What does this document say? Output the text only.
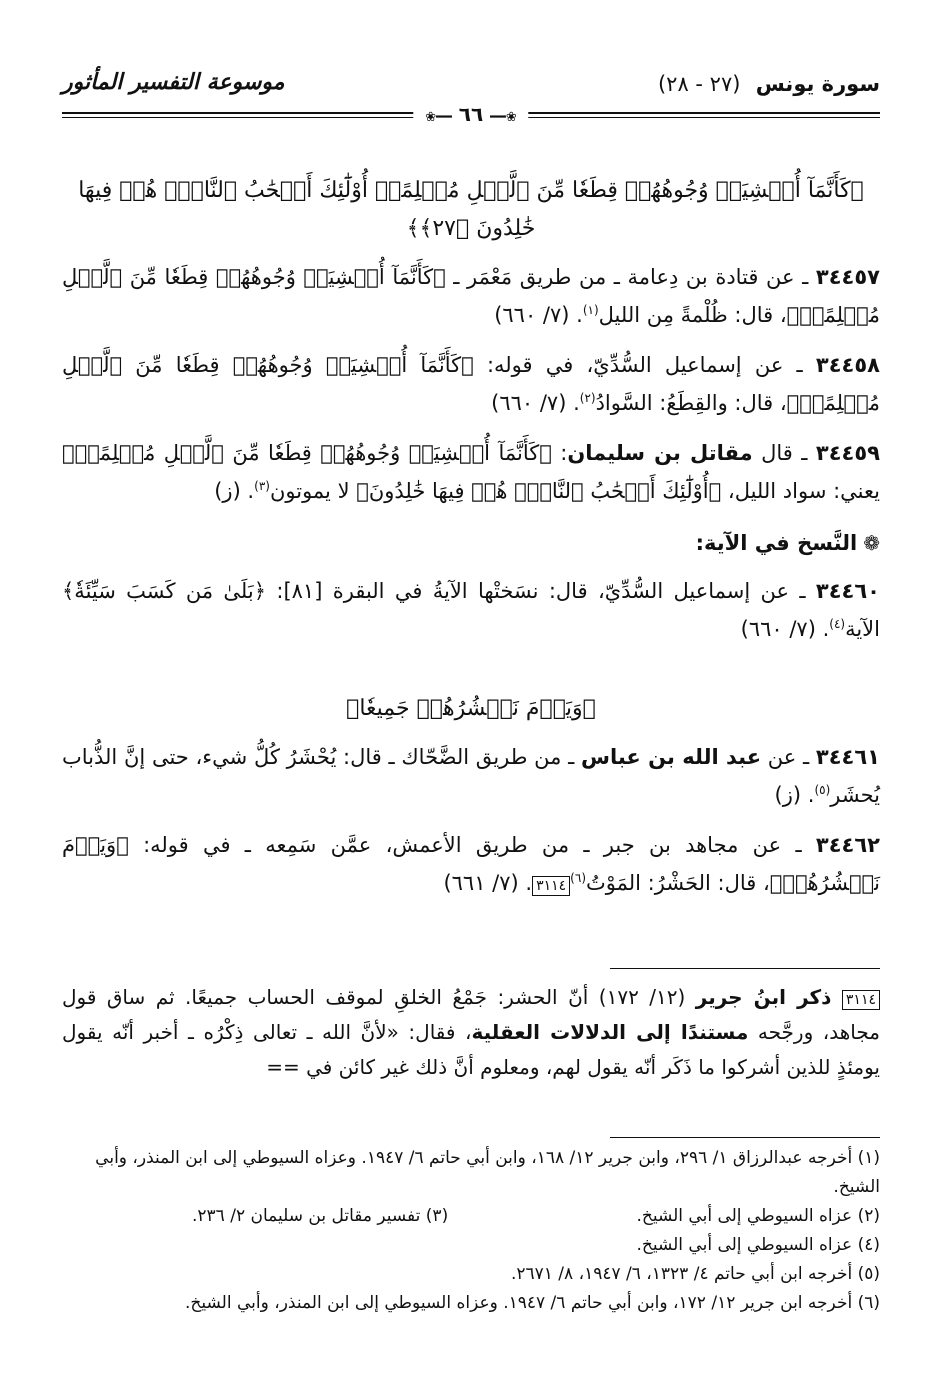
سورة يونس (٢٧ - ٢٨)
موسوعة التفسير المأثور
❀━━ ٦٦ ━━❀

﴿كَأَنَّمَآ أُغۡشِيَتۡ وُجُوهُهُمۡ قِطَعٗا مِّنَ ٱلَّيۡلِ مُظۡلِمًاۚ أُوْلَٰٓئِكَ أَصۡحَٰبُ ٱلنَّارِۖ هُمۡ فِيهَا خَٰلِدُونَ ﴿٢٧﴾﴾

٣٤٤٥٧ ـ عن قتادة بن دِعامة ـ من طريق مَعْمَر ـ ﴿كَأَنَّمَآ أُغۡشِيَتۡ وُجُوهُهُمۡ قِطَعٗا مِّنَ ٱلَّيۡلِ مُظۡلِمًاۚ﴾، قال: ظُلْمةً مِن الليل$^{(١)}$. (٧/ ٦٦٠)

٣٤٤٥٨ ـ عن إسماعيل السُّدِّيّ، في قوله: ﴿كَأَنَّمَآ أُغۡشِيَتۡ وُجُوهُهُمۡ قِطَعٗا مِّنَ ٱلَّيۡلِ مُظۡلِمًاۚ﴾، قال: والقِطَعُ: السَّوادُ$^{(٢)}$. (٧/ ٦٦٠)

٣٤٤٥٩ ـ قال مقاتل بن سليمان: ﴿كَأَنَّمَآ أُغۡشِيَتۡ وُجُوهُهُمۡ قِطَعٗا مِّنَ ٱلَّيۡلِ مُظۡلِمًاۚ﴾ يعني: سواد الليل، ﴿أُوْلَٰٓئِكَ أَصۡحَٰبُ ٱلنَّارِۖ هُمۡ فِيهَا خَٰلِدُونَ﴾ لا يموتون$^{(٣)}$. (ز)

❁النَّسخ في الآية:

٣٤٤٦٠ ـ عن إسماعيل السُّدِّيّ، قال: نسَختْها الآيةُ في البقرة [٨١]: ﴿بَلَىٰ مَن كَسَبَ سَيِّئَةٗ﴾ الآية$^{(٤)}$. (٧/ ٦٦٠)

﴿وَيَوۡمَ نَحۡشُرُهُمۡ جَمِيعٗا﴾

٣٤٤٦١ ـ عن عبد الله بن عباس ـ من طريق الضَّحّاك ـ قال: يُحْشَرُ كُلُّ شيء، حتى إنَّ الذُّباب يُحشَر$^{(٥)}$. (ز)

٣٤٤٦٢ ـ عن مجاهد بن جبر ـ من طريق الأعمش، عمَّن سَمِعه ـ في قوله: ﴿وَيَوۡمَ نَحۡشُرُهُمۡ﴾، قال: الحَشْرُ: المَوْتُ$^{(٦)}$٣١١٤. (٧/ ٦٦١)

٣١١٤ ذكر ابنُ جرير (١٢/ ١٧٢) أنّ الحشر: جَمْعُ الخلقِ لموقف الحساب جميعًا. ثم ساق قول مجاهد، ورجَّحه مستندًا إلى الدلالات العقلية، فقال: «لأنَّ الله ـ تعالى ذِكْرُه ـ أخبر أنّه يقول يومئذٍ للذين أشركوا ما ذَكَر أنّه يقول لهم، ومعلوم أنَّ ذلك غير كائن في ==

(١) أخرجه عبدالرزاق ١/ ٢٩٦، وابن جرير ١٢/ ١٦٨، وابن أبي حاتم ٦/ ١٩٤٧. وعزاه السيوطي إلى ابن المنذر، وأبي الشيخ.

(٢) عزاه السيوطي إلى أبي الشيخ.
(٣) تفسير مقاتل بن سليمان ٢/ ٢٣٦.

(٤) عزاه السيوطي إلى أبي الشيخ.

(٥) أخرجه ابن أبي حاتم ٤/ ١٣٢٣، ٦/ ١٩٤٧، ٨/ ٢٦٧١.

(٦) أخرجه ابن جرير ١٢/ ١٧٢، وابن أبي حاتم ٦/ ١٩٤٧. وعزاه السيوطي إلى ابن المنذر، وأبي الشيخ.
